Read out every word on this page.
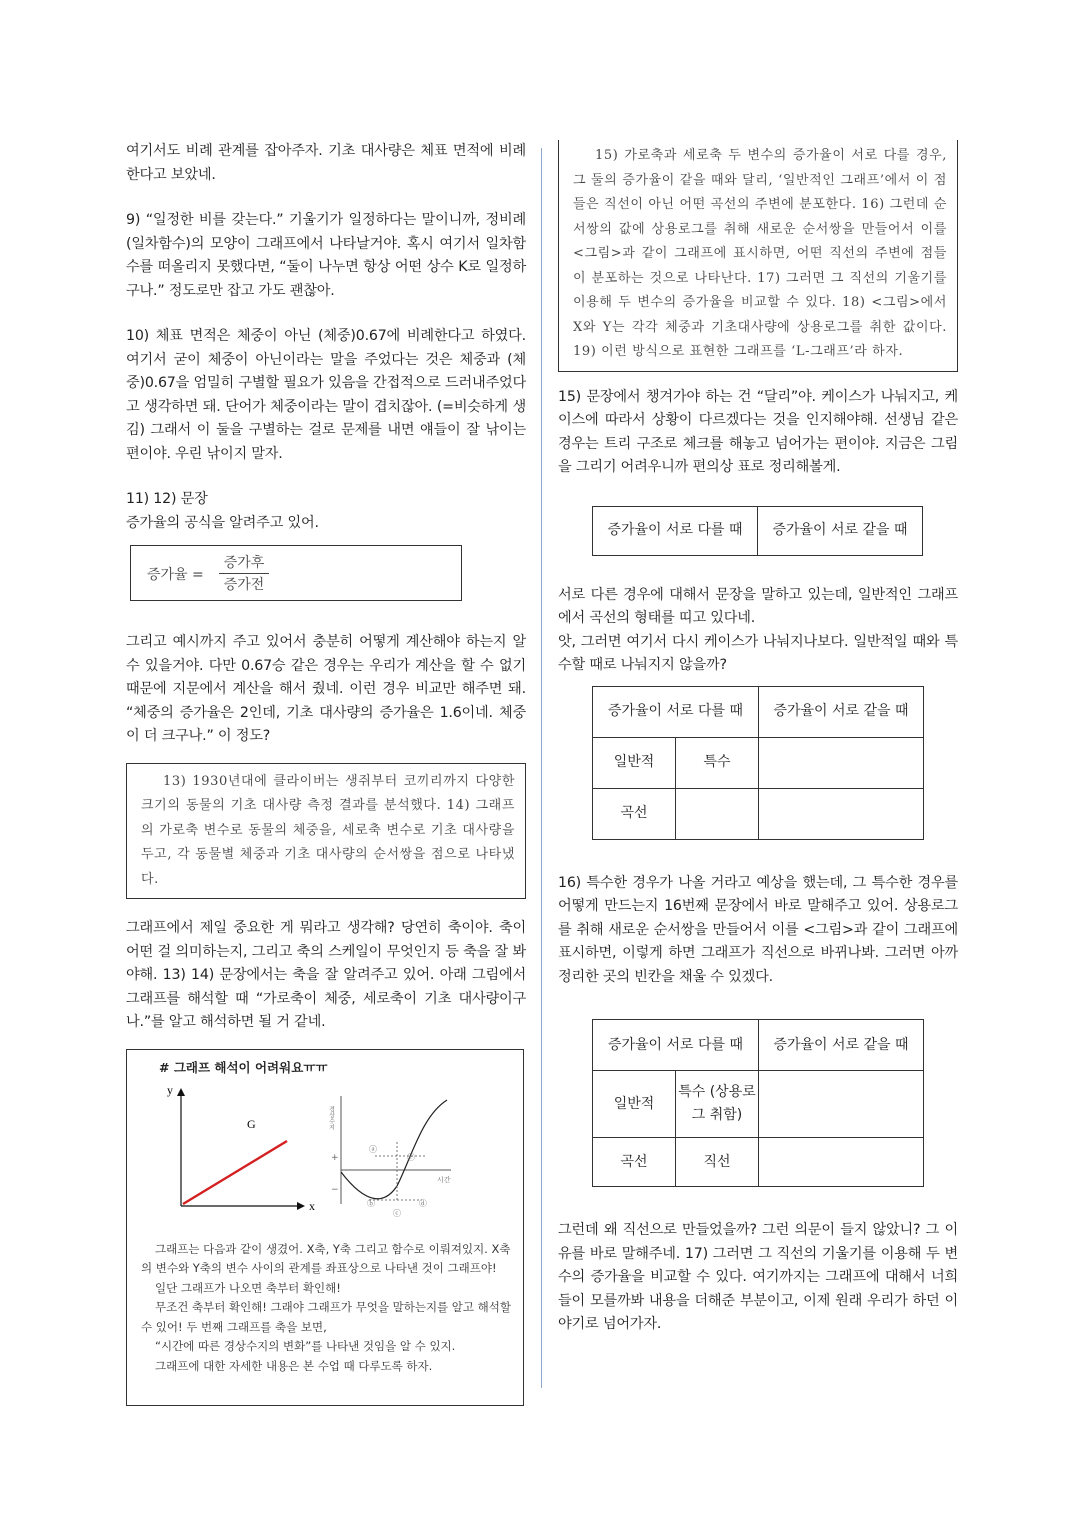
여기서도 비례 관계를 잡아주자. 기초 대사량은 체표 면적에 비례한다고 보았네.

9) “일정한 비를 갖는다.” 기울기가 일정하다는 말이니까, 정비례(일차함수)의 모양이 그래프에서 나타날거야. 혹시 여기서 일차함수를 떠올리지 못했다면, “둘이 나누면 항상 어떤 상수 K로 일정하구나.” 정도로만 잡고 가도 괜찮아.

10) 체표 면적은 체중이 아닌 (체중)0.67에 비례한다고 하였다. 여기서 굳이 체중이 아닌이라는 말을 주었다는 것은 체중과 (체중)0.67을 엄밀히 구별할 필요가 있음을 간접적으로 드러내주었다고 생각하면 돼. 단어가 체중이라는 말이 겹치잖아. (=비슷하게 생김) 그래서 이 둘을 구별하는 걸로 문제를 내면 얘들이 잘 낚이는 편이야. 우린 낚이지 말자.

11) 12) 문장

증가율의 공식을 알려주고 있어.

증가율 =
증가후
증가전

그리고 예시까지 주고 있어서 충분히 어떻게 계산해야 하는지 알 수 있을거야. 다만 0.67승 같은 경우는 우리가 계산을 할 수 없기 때문에 지문에서 계산을 해서 줬네. 이런 경우 비교만 해주면 돼. “체중의 증가율은 2인데, 기초 대사량의 증가율은 1.6이네. 체중이 더 크구나.” 이 정도?

13) 1930년대에 클라이버는 생쥐부터 코끼리까지 다양한 크기의 동물의 기초 대사량 측정 결과를 분석했다. 14) 그래프의 가로축 변수로 동물의 체중을, 세로축 변수로 기초 대사량을 두고, 각 동물별 체중과 기초 대사량의 순서쌍을 점으로 나타냈다.

그래프에서 제일 중요한 게 뭐라고 생각해? 당연히 축이야. 축이 어떤 걸 의미하는지, 그리고 축의 스케일이 무엇인지 등 축을 잘 봐야해. 13) 14) 문장에서는 축을 잘 알려주고 있어. 아래 그림에서 그래프를 해석할 때 “가로축이 체중, 세로축이 기초 대사량이구나.”를 알고 해석하면 될 거 같네.

# 그래프 해석이 어려워요ㅠㅠ
y
x
G	경상수지
시간
+
−
ⓐ
ⓑ
ⓒ
ⓓ
ⓔ
그래프는 다음과 같이 생겼어. X축, Y축 그리고 함수로 이뤄져있지. X축의 변수와 Y축의 변수 사이의 관계를 좌표상으로 나타낸 것이 그래프야!
일단 그래프가 나오면 축부터 확인해!
무조건 축부터 확인해! 그래야 그래프가 무엇을 말하는지를 알고 해석할 수 있어! 두 번째 그래프를 축을 보면,
“시간에 따른 경상수지의 변화”를 나타낸 것임을 알 수 있지.
그래프에 대한 자세한 내용은 본 수업 때 다루도록 하자.
15) 가로축과 세로축 두 변수의 증가율이 서로 다를 경우, 그 둘의 증가율이 같을 때와 달리, ‘일반적인 그래프’에서 이 점들은 직선이 아닌 어떤 곡선의 주변에 분포한다. 16) 그런데 순서쌍의 값에 상용로그를 취해 새로운 순서쌍을 만들어서 이를 <그림>과 같이 그래프에 표시하면, 어떤 직선의 주변에 점들이 분포하는 것으로 나타난다. 17) 그러면 그 직선의 기울기를 이용해 두 변수의 증가율을 비교할 수 있다. 18) <그림>에서 X와 Y는 각각 체중과 기초대사량에 상용로그를 취한 값이다. 19) 이런 방식으로 표현한 그래프를 ‘L-그래프’라 하자.

15) 문장에서 챙겨가야 하는 건 “달리”야. 케이스가 나눠지고, 케이스에 따라서 상황이 다르겠다는 것을 인지해야해. 선생님 같은 경우는 트리 구조로 체크를 해놓고 넘어가는 편이야. 지금은 그림을 그리기 어려우니까 편의상 표로 정리해볼게.

증가율이 서로 다를 때	증가율이 서로 같을 때

서로 다른 경우에 대해서 문장을 말하고 있는데, 일반적인 그래프에서 곡선의 형태를 띠고 있다네.

앗, 그러면 여기서 다시 케이스가 나눠지나보다. 일반적일 때와 특수할 때로 나눠지지 않을까?

증가율이 서로 다를 때		증가율이 서로 같을 때
일반적	특수	
곡선		

16) 특수한 경우가 나올 거라고 예상을 했는데, 그 특수한 경우를 어떻게 만드는지 16번째 문장에서 바로 말해주고 있어. 상용로그를 취해 새로운 순서쌍을 만들어서 이를 <그림>과 같이 그래프에 표시하면, 이렇게 하면 그래프가 직선으로 바뀌나봐. 그러면 아까 정리한 곳의 빈칸을 채울 수 있겠다.

증가율이 서로 다를 때		증가율이 서로 같을 때
일반적	특수 (상용로그 취함)	
곡선	직선	

그런데 왜 직선으로 만들었을까? 그런 의문이 들지 않았니? 그 이유를 바로 말해주네. 17) 그러면 그 직선의 기울기를 이용해 두 변수의 증가율을 비교할 수 있다. 여기까지는 그래프에 대해서 너희들이 모를까봐 내용을 더해준 부분이고, 이제 원래 우리가 하던 이야기로 넘어가자.
